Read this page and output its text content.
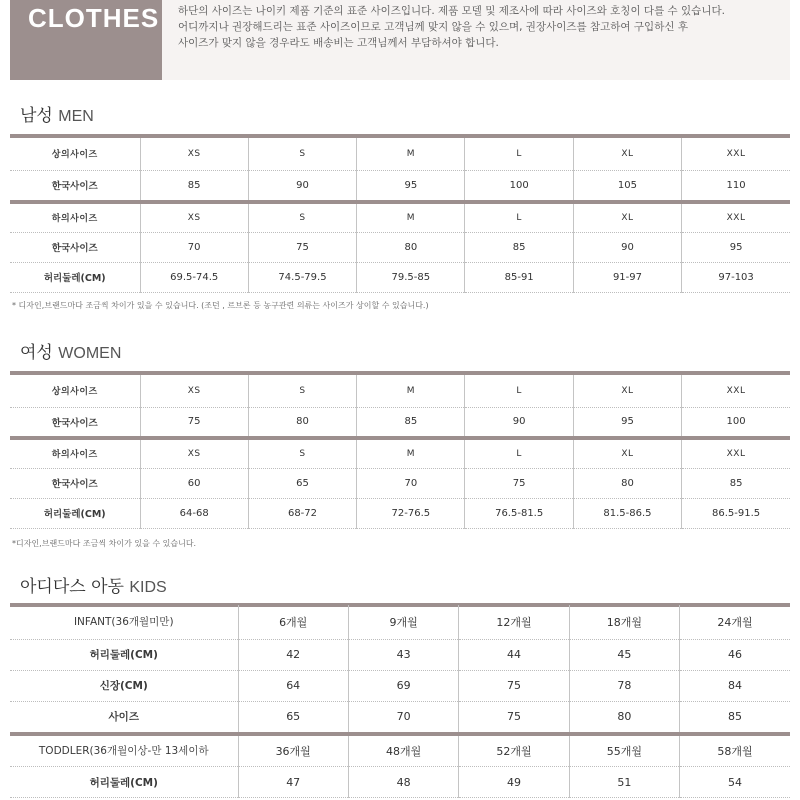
CLOTHES 하단의 사이즈는 나이키 제품 기준의 표준 사이즈입니다. 제품 모델 및 제조사에 따라 사이즈와 호칭이 다를 수 있습니다.
어디까지나 권장해드리는 표준 사이즈이므로 고객님께 맞지 않을 수 있으며, 권장사이즈를 참고하여 구입하신 후
사이즈가 맞지 않을 경우라도 배송비는 고객님께서 부담하셔야 합니다.
남성 MEN
상의사이즈	XS	S	M	L	XL	XXL
한국사이즈	85	90	95	100	105	110
하의사이즈	XS	S	M	L	XL	XXL
한국사이즈	70	75	80	85	90	95
허리둘레(CM)	69.5-74.5	74.5-79.5	79.5-85	85-91	91-97	97-103
* 디자인,브랜드마다 조금씩 차이가 있을 수 있습니다. (조던 , 르브론 등 농구관련 의류는 사이즈가 상이할 수 있습니다.)
여성 WOMEN
상의사이즈	XS	S	M	L	XL	XXL
한국사이즈	75	80	85	90	95	100
하의사이즈	XS	S	M	L	XL	XXL
한국사이즈	60	65	70	75	80	85
허리둘레(CM)	64-68	68-72	72-76.5	76.5-81.5	81.5-86.5	86.5-91.5
*디자인,브랜드마다 조금씩 차이가 있을 수 있습니다.
아디다스 아동 KIDS
INFANT(36개월미만)	6개월	9개월	12개월	18개월	24개월
허리둘레(CM)	42	43	44	45	46
신장(CM)	64	69	75	78	84
사이즈	65	70	75	80	85
TODDLER(36개월이상-만 13세이하	36개월	48개월	52개월	55개월	58개월
허리둘레(CM)	47	48	49	51	54
